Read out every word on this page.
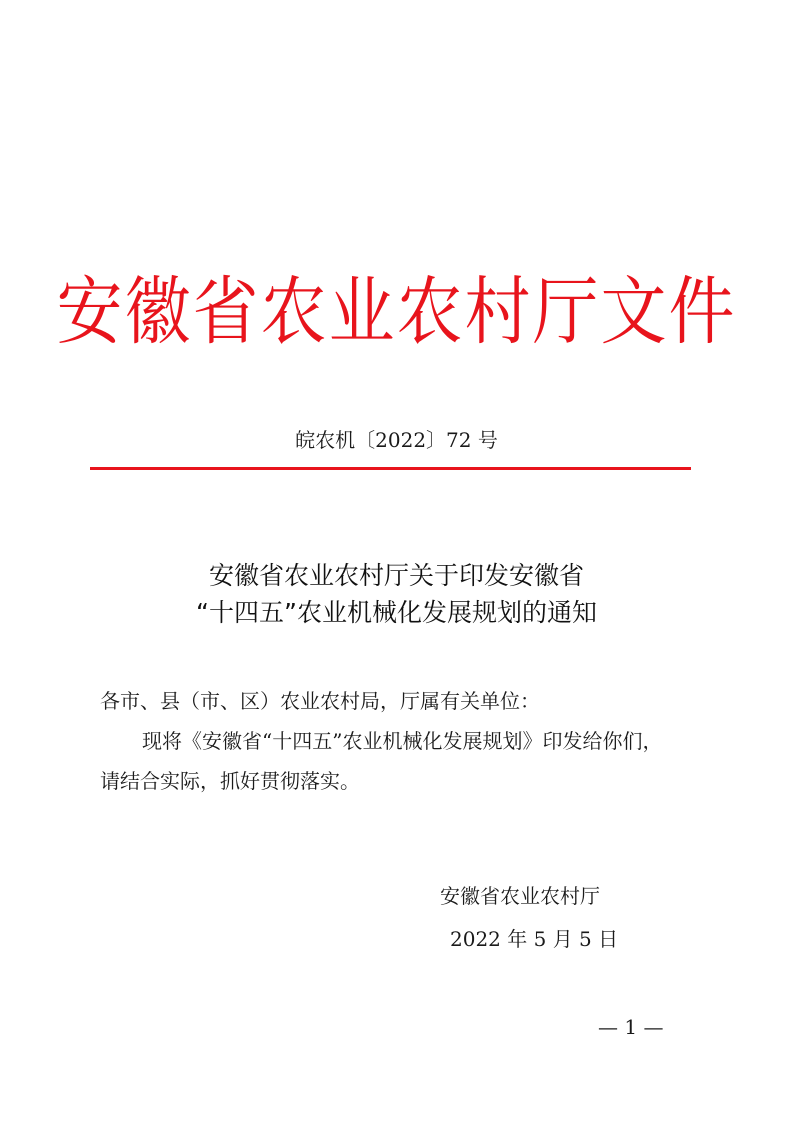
安徽省农业农村厅文件
皖农机〔2022〕72 号
安徽省农业农村厅关于印发安徽省
“十四五”农业机械化发展规划的通知
各市、县（市、区）农业农村局，厅属有关单位：
现将《安徽省“十四五”农业机械化发展规划》印发给你们，
请结合实际，抓好贯彻落实。
安徽省农业农村厅
2022 年 5 月 5 日
— 1 —
